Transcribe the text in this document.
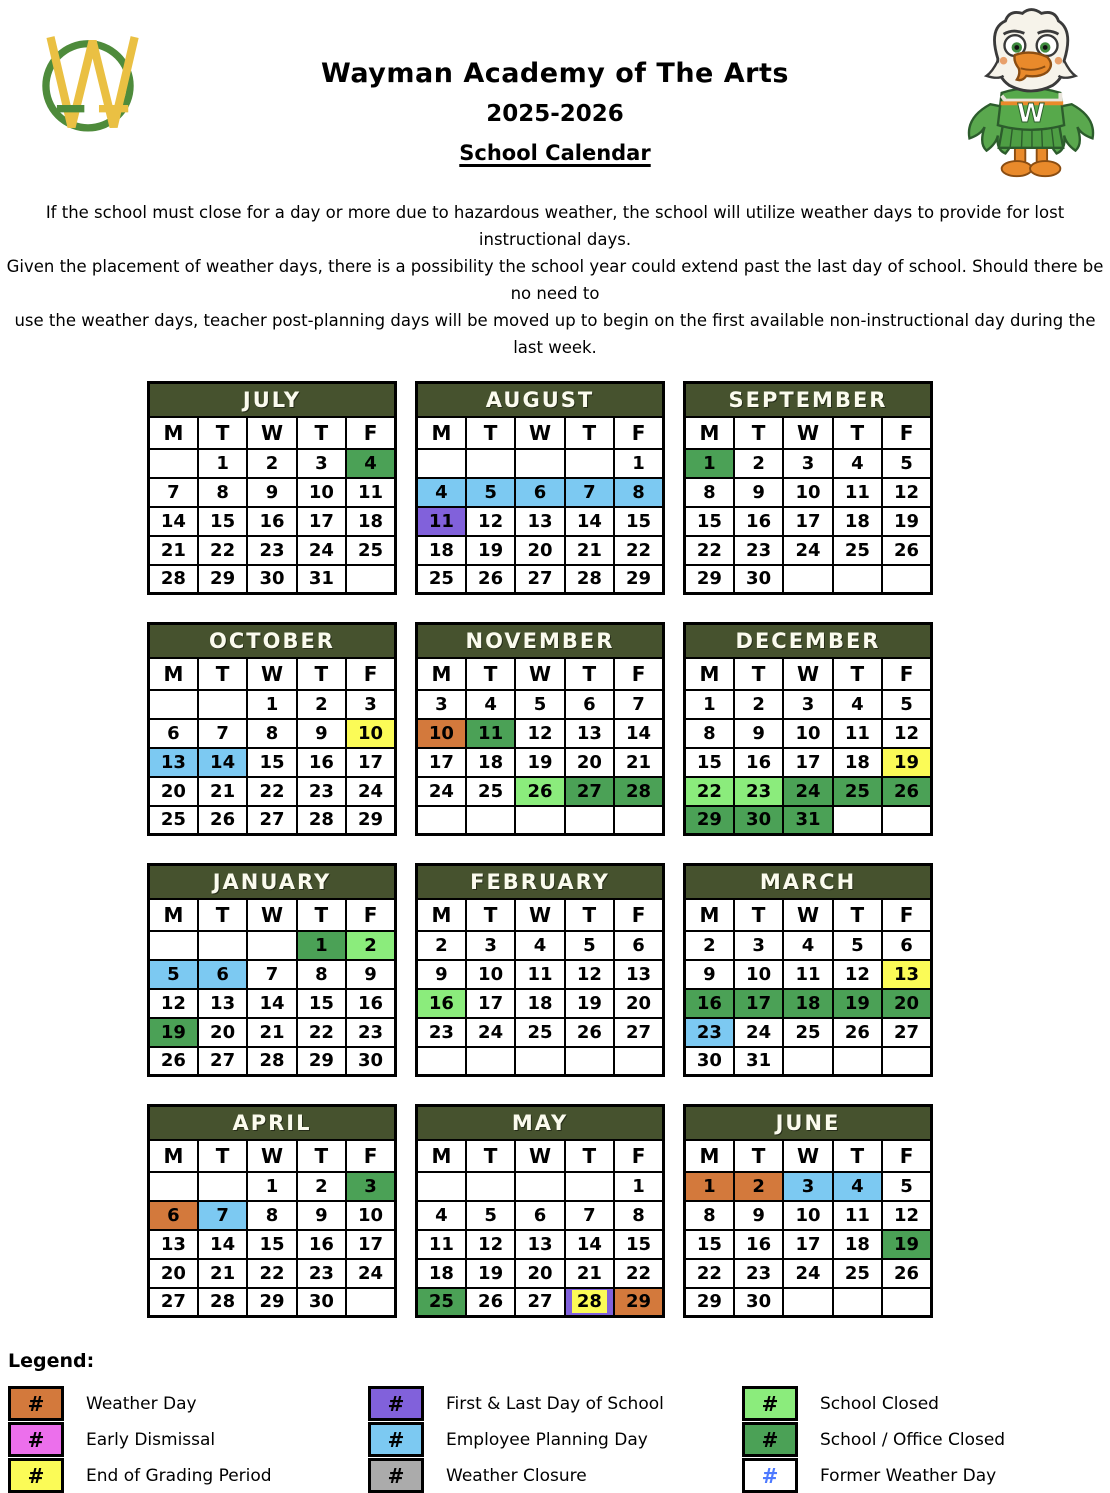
Wayman Academy of The Arts
2025-2026
School Calendar
W
If the school must close for a day or more due to hazardous weather, the school will utilize weather days to provide for lost instructional days.
Given the placement of weather days, there is a possibility the school year could extend past the last day of school. Should there be no need to
use the weather days, teacher post-planning days will be moved up to begin on the first available non-instructional day during the last week.
JULY				
M	T	W	T	F
	1	2	3	4
7	8	9	10	11
14	15	16	17	18
21	22	23	24	25
28	29	30	31	
AUGUST				
M	T	W	T	F
				1
4	5	6	7	8
11	12	13	14	15
18	19	20	21	22
25	26	27	28	29
SEPTEMBER				
M	T	W	T	F
1	2	3	4	5
8	9	10	11	12
15	16	17	18	19
22	23	24	25	26
29	30			
OCTOBER				
M	T	W	T	F
		1	2	3
6	7	8	9	10
13	14	15	16	17
20	21	22	23	24
25	26	27	28	29
NOVEMBER				
M	T	W	T	F
3	4	5	6	7
10	11	12	13	14
17	18	19	20	21
24	25	26	27	28

DECEMBER				
M	T	W	T	F
1	2	3	4	5
8	9	10	11	12
15	16	17	18	19
22	23	24	25	26
29	30	31		
JANUARY				
M	T	W	T	F
			1	2
5	6	7	8	9
12	13	14	15	16
19	20	21	22	23
26	27	28	29	30
FEBRUARY				
M	T	W	T	F
2	3	4	5	6
9	10	11	12	13
16	17	18	19	20
23	24	25	26	27

MARCH				
M	T	W	T	F
2	3	4	5	6
9	10	11	12	13
16	17	18	19	20
23	24	25	26	27
30	31			
APRIL				
M	T	W	T	F
		1	2	3
6	7	8	9	10
13	14	15	16	17
20	21	22	23	24
27	28	29	30	
MAY				
M	T	W	T	F
				1
4	5	6	7	8
11	12	13	14	15
18	19	20	21	22
25	26	27	28	29
JUNE				
M	T	W	T	F
1	2	3	4	5
8	9	10	11	12
15	16	17	18	19
22	23	24	25	26
29	30			
Legend:
#	Weather Day
#	Early Dismissal
#	End of Grading Period
#	First & Last Day of School
#	Employee Planning Day
#	Weather Closure
#	School Closed
#	School / Office Closed
#	Former Weather Day
